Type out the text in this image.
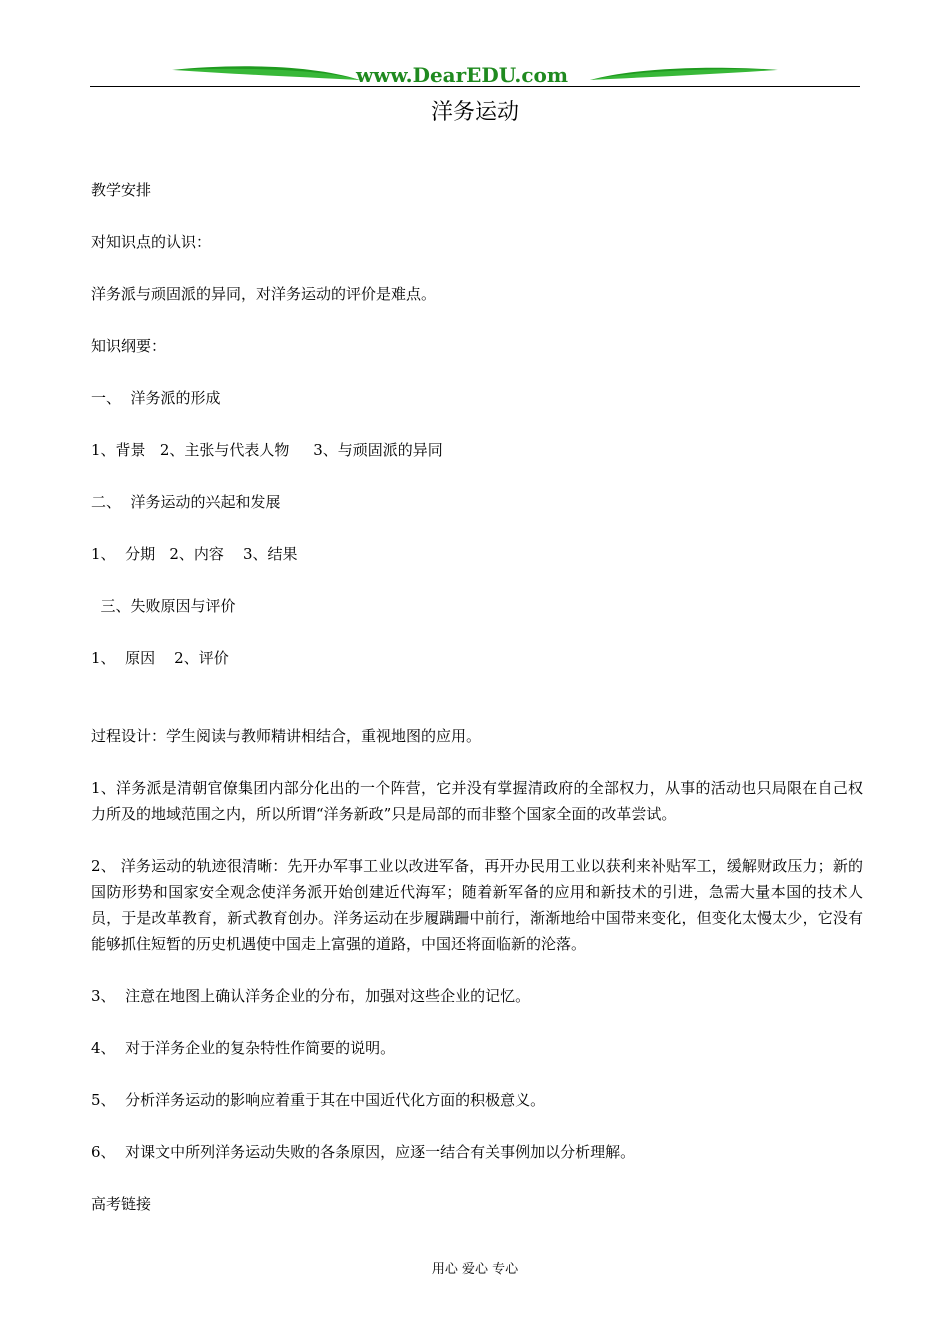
www.DearEDU.com
洋务运动
教学安排
对知识点的认识：
洋务派与顽固派的异同，对洋务运动的评价是难点。
知识纲要：
一、  洋务派的形成
1、背景   2、主张与代表人物     3、与顽固派的异同
二、  洋务运动的兴起和发展
1、  分期   2、内容    3、结果
三、失败原因与评价
1、  原因    2、评价
过程设计：学生阅读与教师精讲相结合，重视地图的应用。
1、洋务派是清朝官僚集团内部分化出的一个阵营，它并没有掌握清政府的全部权力，从事的活动也只局限在自己权力所及的地域范围之内，所以所谓“洋务新政”只是局部的而非整个国家全面的改革尝试。
2、 洋务运动的轨迹很清晰：先开办军事工业以改进军备，再开办民用工业以获利来补贴军工，缓解财政压力；新的国防形势和国家安全观念使洋务派开始创建近代海军；随着新军备的应用和新技术的引进，急需大量本国的技术人员，于是改革教育，新式教育创办。洋务运动在步履蹒跚中前行，渐渐地给中国带来变化，但变化太慢太少，它没有能够抓住短暂的历史机遇使中国走上富强的道路，中国还将面临新的沦落。
3、  注意在地图上确认洋务企业的分布，加强对这些企业的记忆。
4、  对于洋务企业的复杂特性作简要的说明。
5、  分析洋务运动的影响应着重于其在中国近代化方面的积极意义。
6、  对课文中所列洋务运动失败的各条原因，应逐一结合有关事例加以分析理解。
高考链接
用心 爱心 专心
